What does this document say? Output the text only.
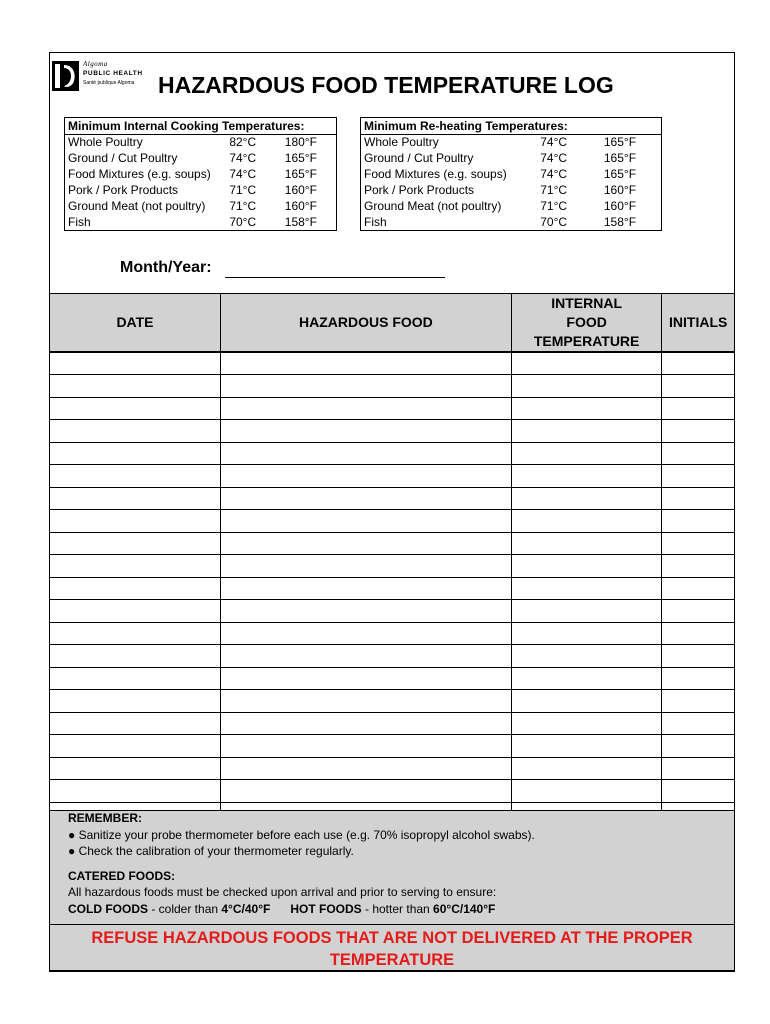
Algoma
PUBLIC HEALTH
Santé publique Algoma HAZARDOUS FOOD TEMPERATURE LOG
Minimum Internal Cooking Temperatures:		
Whole Poultry	82°C	180°F
Ground / Cut Poultry	74°C	165°F
Food Mixtures (e.g. soups)	74°C	165°F
Pork / Pork Products	71°C	160°F
Ground Meat (not poultry)	71°C	160°F
Fish	70°C	158°F
Minimum Re-heating Temperatures:		
Whole Poultry	74°C	165°F
Ground / Cut Poultry	74°C	165°F
Food Mixtures (e.g. soups)	74°C	165°F
Pork / Pork Products	71°C	160°F
Ground Meat (not poultry)	71°C	160°F
Fish	70°C	158°F
Month/Year:
DATE	HAZARDOUS FOOD	INTERNAL FOOD TEMPERATURE	INITIALS

REMEMBER:
● Sanitize your probe thermometer before each use (e.g. 70% isopropyl alcohol swabs).
● Check the calibration of your thermometer regularly.
CATERED FOODS:
All hazardous foods must be checked upon arrival and prior to serving to ensure:
COLD FOODS - colder than 4°C/40°F HOT FOODS - hotter than 60°C/140°F
REFUSE HAZARDOUS FOODS THAT ARE NOT DELIVERED AT THE PROPER
TEMPERATURE
